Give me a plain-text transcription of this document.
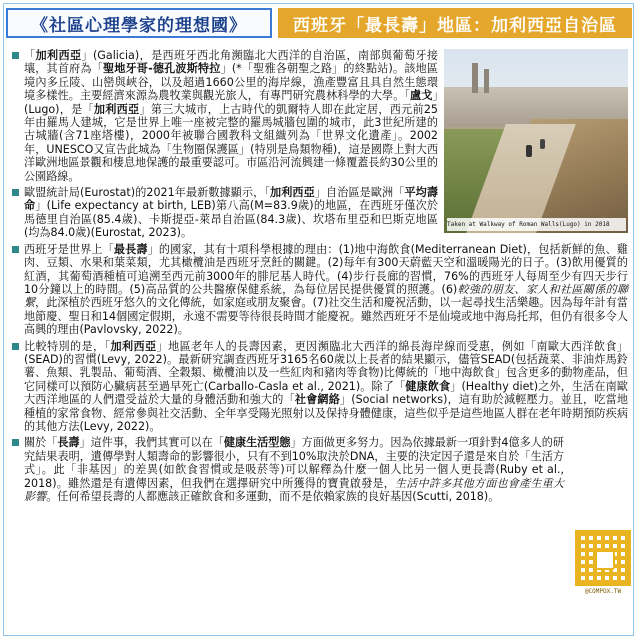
《社區心理學家的理想國》	西班牙「最長壽」地區：加利西亞自治區
Taken at Walkway of Roman Walls(Lugo) in 2018
「加利西亞」(Galicia)，是西班牙西北角瀕臨北大西洋的自治區，南部與葡萄牙接壤，其首府為「聖地牙哥-德孔波斯特拉」(*「聖雅各朝聖之路」的終點站)。該地區境內多丘陵、山巒與峽谷，以及超過1660公里的海岸線，漁產豐富且具自然生態環境多樣性。主要經濟來源為農牧業與觀光旅人，有專門研究農林科學的大學。「盧戈」(Lugo)，是「加利西亞」第三大城市，上古時代的凱爾特人即在此定居，西元前25年由羅馬人建城，它是世界上唯一座被完整的羅馬城牆包圍的城市，此3世紀所建的古城牆(含71座塔樓)，2000年被聯合國教科文組織列為「世界文化遺產」。2002年，UNESCO又宣告此城為「生物圈保護區」(特別是鳥類物種)，這是國際上對大西洋歐洲地區景觀和棲息地保護的最重要認可。市區沿河流興建一條覆蓋長約30公里的公園路線。
歐盟統計局(Eurostat)的2021年最新數據顯示，「加利西亞」自治區是歐洲「平均壽命」(Life expectancy at birth, LEB)第八高(M=83.9歲)的地區，在西班牙僅次於馬德里自治區(85.4歲)、卡斯提亞-萊昂自治區(84.3歲)、坎塔布里亞和巴斯克地區(均為84.0歲)(Eurostat, 2023)。
西班牙是世界上「最長壽」的國家，其有十項科學根據的理由：(1)地中海飲食(Mediterranean Diet)，包括新鮮的魚、雞肉、豆類、水果和葉菜類，尤其橄欖油是西班牙烹飪的關鍵。(2)每年有300天蔚藍天空和溫暖陽光的日子。(3)飲用優質的紅酒，其葡萄酒種植可追溯至西元前3000年的腓尼基人時代。(4)步行長廊的習慣，76%的西班牙人每周至少有四天步行10分鐘以上的時間。(5)高品質的公共醫療保健系統，為每位居民提供優質的照護。(6)較強的朋友、家人和社區關係的聯繫，此深植於西班牙悠久的文化傳統，如家庭或朋友聚會。(7)社交生活和慶祝活動，以一起尋找生活樂趣。因為每年計有當地節慶、聖日和14個國定假期，永遠不需要等待很長時間才能慶祝。雖然西班牙不是仙境或地中海烏托邦，但仍有很多令人高興的理由(Pavlovsky, 2022)。
比較特別的是，「加利西亞」地區老年人的長壽因素，更因瀕臨北大西洋的綿長海岸線而受惠，例如「南歐大西洋飲食」(SEAD)的習慣(Levy, 2022)。最新研究調查西班牙3165名60歲以上長者的結果顯示，儘管SEAD(包括蔬菜、非油炸馬鈴薯、魚類、乳製品、葡萄酒、全穀類、橄欖油以及一些紅肉和豬肉等食物)比傳統的「地中海飲食」包含更多的動物產品，但它同樣可以預防心臟病甚至過早死亡(Carballo-Casla et al., 2021)。除了「健康飲食」(Healthy diet)之外，生活在南歐大西洋地區的人們還受益於大量的身體活動和強大的「社會網絡」(Social networks)，這有助於減輕壓力。並且，吃當地種植的家常食物、經常參與社交活動、全年享受陽光照射以及保持身體健康，這些似乎是這些地區人群在老年時期預防疾病的其他方法(Levy, 2022)。
關於「長壽」這件事，我們其實可以在「健康生活型態」方面做更多努力。因為依據最新一項針對4億多人的研究結果表明，遺傳學對人類壽命的影響很小，只有不到10%取決於DNA，主要的決定因子還是來自於「生活方式」。此「非基因」的差異(如飲食習慣或是吸菸等)可以解釋為什麼一個人比另一個人更長壽(Ruby et al., 2018)。雖然還是有遺傳因素，但我們在選擇研究中所獲得的寶貴啟發是，生活中許多其他方面也會產生重大影響。任何希望長壽的人都應該正確飲食和多運動，而不是依賴家族的良好基因(Scutti, 2018)。
@COMPOX.TW
